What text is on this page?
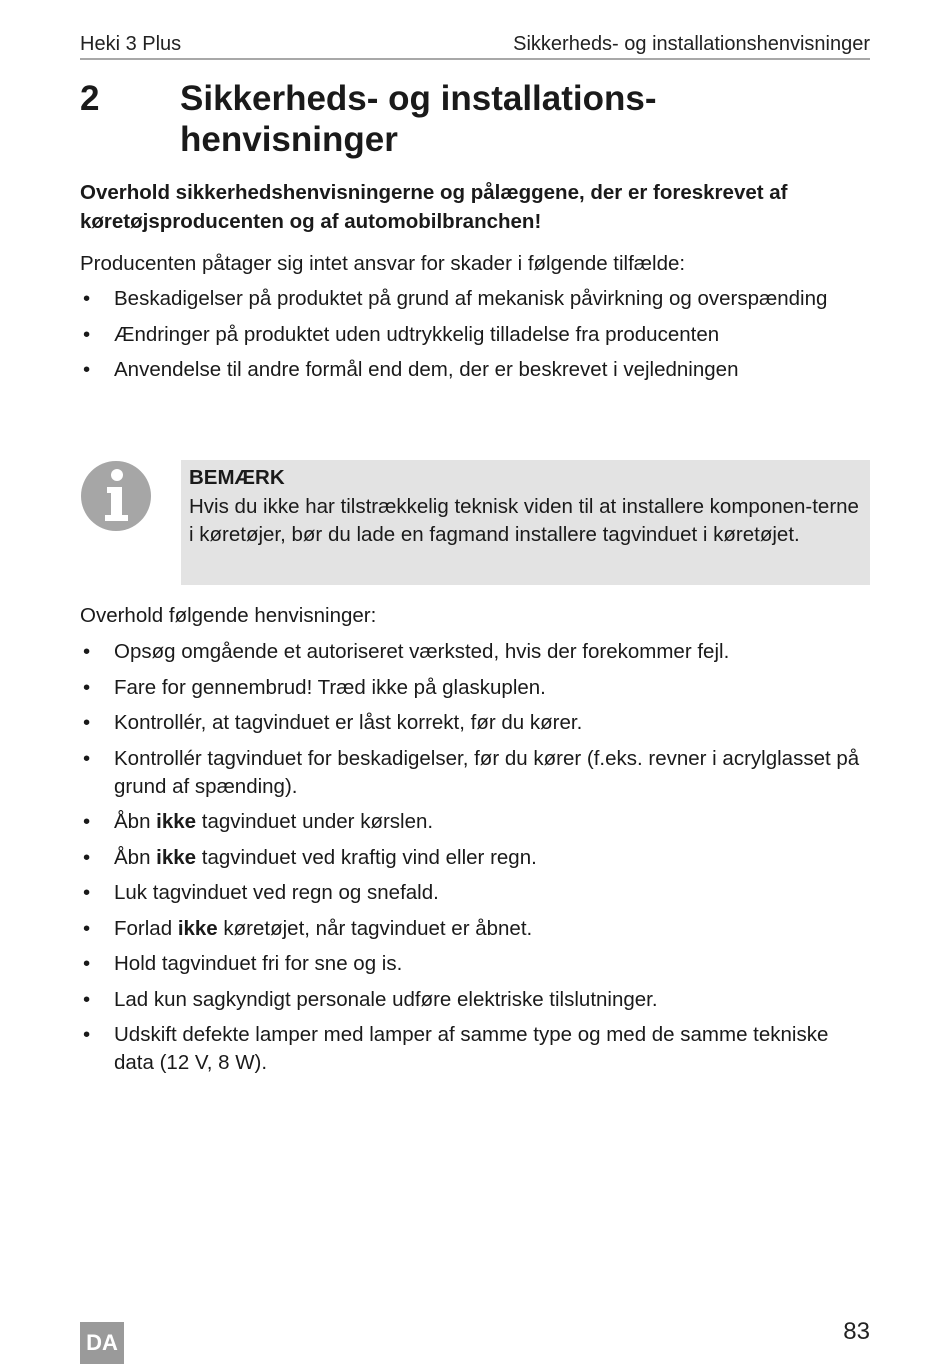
Heki 3 Plus	Sikkerheds- og installationshenvisninger
2	Sikkerheds- og installations-henvisninger
Overhold sikkerhedshenvisningerne og pålæggene, der er foreskrevet af køretøjsproducenten og af automobilbranchen!
Producenten påtager sig intet ansvar for skader i følgende tilfælde:
• Beskadigelser på produktet på grund af mekanisk påvirkning og overspænding
• Ændringer på produktet uden udtrykkelig tilladelse fra producenten
• Anvendelse til andre formål end dem, der er beskrevet i vejledningen
BEMÆRK
Hvis du ikke har tilstrækkelig teknisk viden til at installere komponen-terne i køretøjer, bør du lade en fagmand installere tagvinduet i køretøjet.
Overhold følgende henvisninger:
• Opsøg omgående et autoriseret værksted, hvis der forekommer fejl.
• Fare for gennembrud! Træd ikke på glaskuplen.
• Kontrollér, at tagvinduet er låst korrekt, før du kører.
• Kontrollér tagvinduet for beskadigelser, før du kører (f.eks. revner i acrylglasset på grund af spænding).
• Åbn ikke tagvinduet under kørslen.
• Åbn ikke tagvinduet ved kraftig vind eller regn.
• Luk tagvinduet ved regn og snefald.
• Forlad ikke køretøjet, når tagvinduet er åbnet.
• Hold tagvinduet fri for sne og is.
• Lad kun sagkyndigt personale udføre elektriske tilslutninger.
• Udskift defekte lamper med lamper af samme type og med de samme tekniske data (12 V, 8 W).
DA	83
